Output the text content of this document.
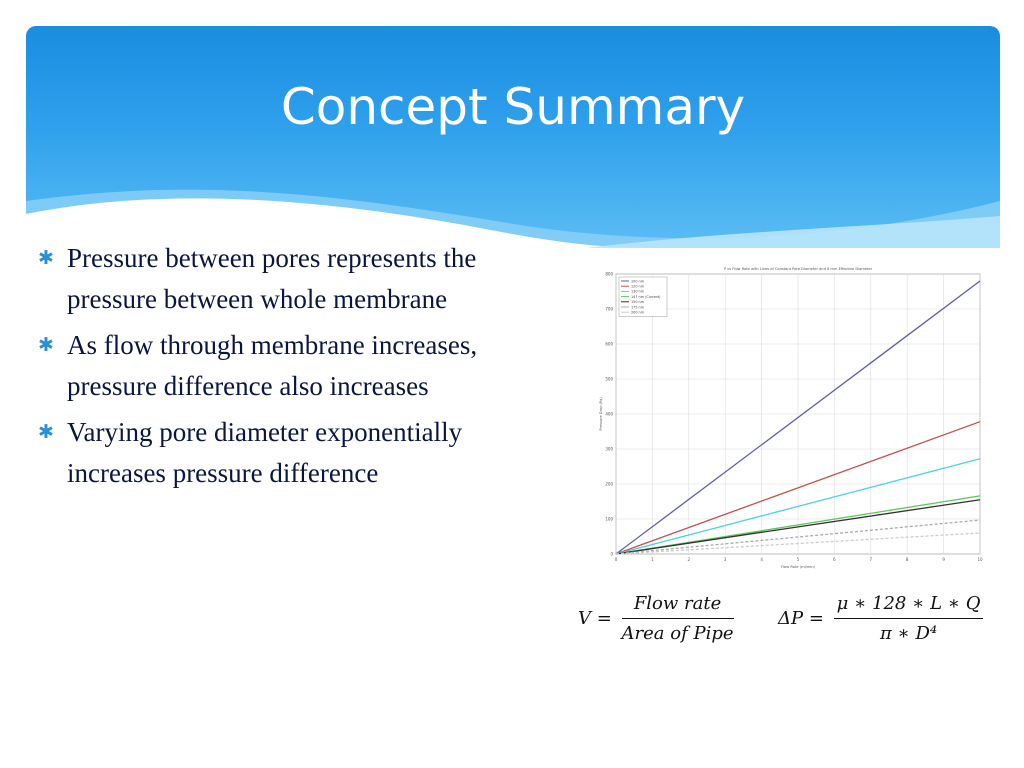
Concept Summary
✱ Pressure between pores represents the pressure between whole membrane
✱ As flow through membrane increases, pressure difference also increases
✱ Varying pore diameter exponentially increases pressure difference
0	1	2	3	4	5	6	7	8	9	10
0
100
200
300
400
500
600
700
800
P vs Flow Rate with Lines of Constant Pore Diameter and 8 mm Effective Diameter
Flow Rate (ml/min)
Pressure Drop (Pa)
100 nm
120 nm
130 nm
147 nm (Current)
150 nm
175 nm
200 nm
$V = \frac{\text{Flow rate}}{\text{Area of Pipe}}$ $\Delta P = \frac{\mu ∗ 128 ∗ L ∗ Q}{\text{π ∗ D⁴}}$
